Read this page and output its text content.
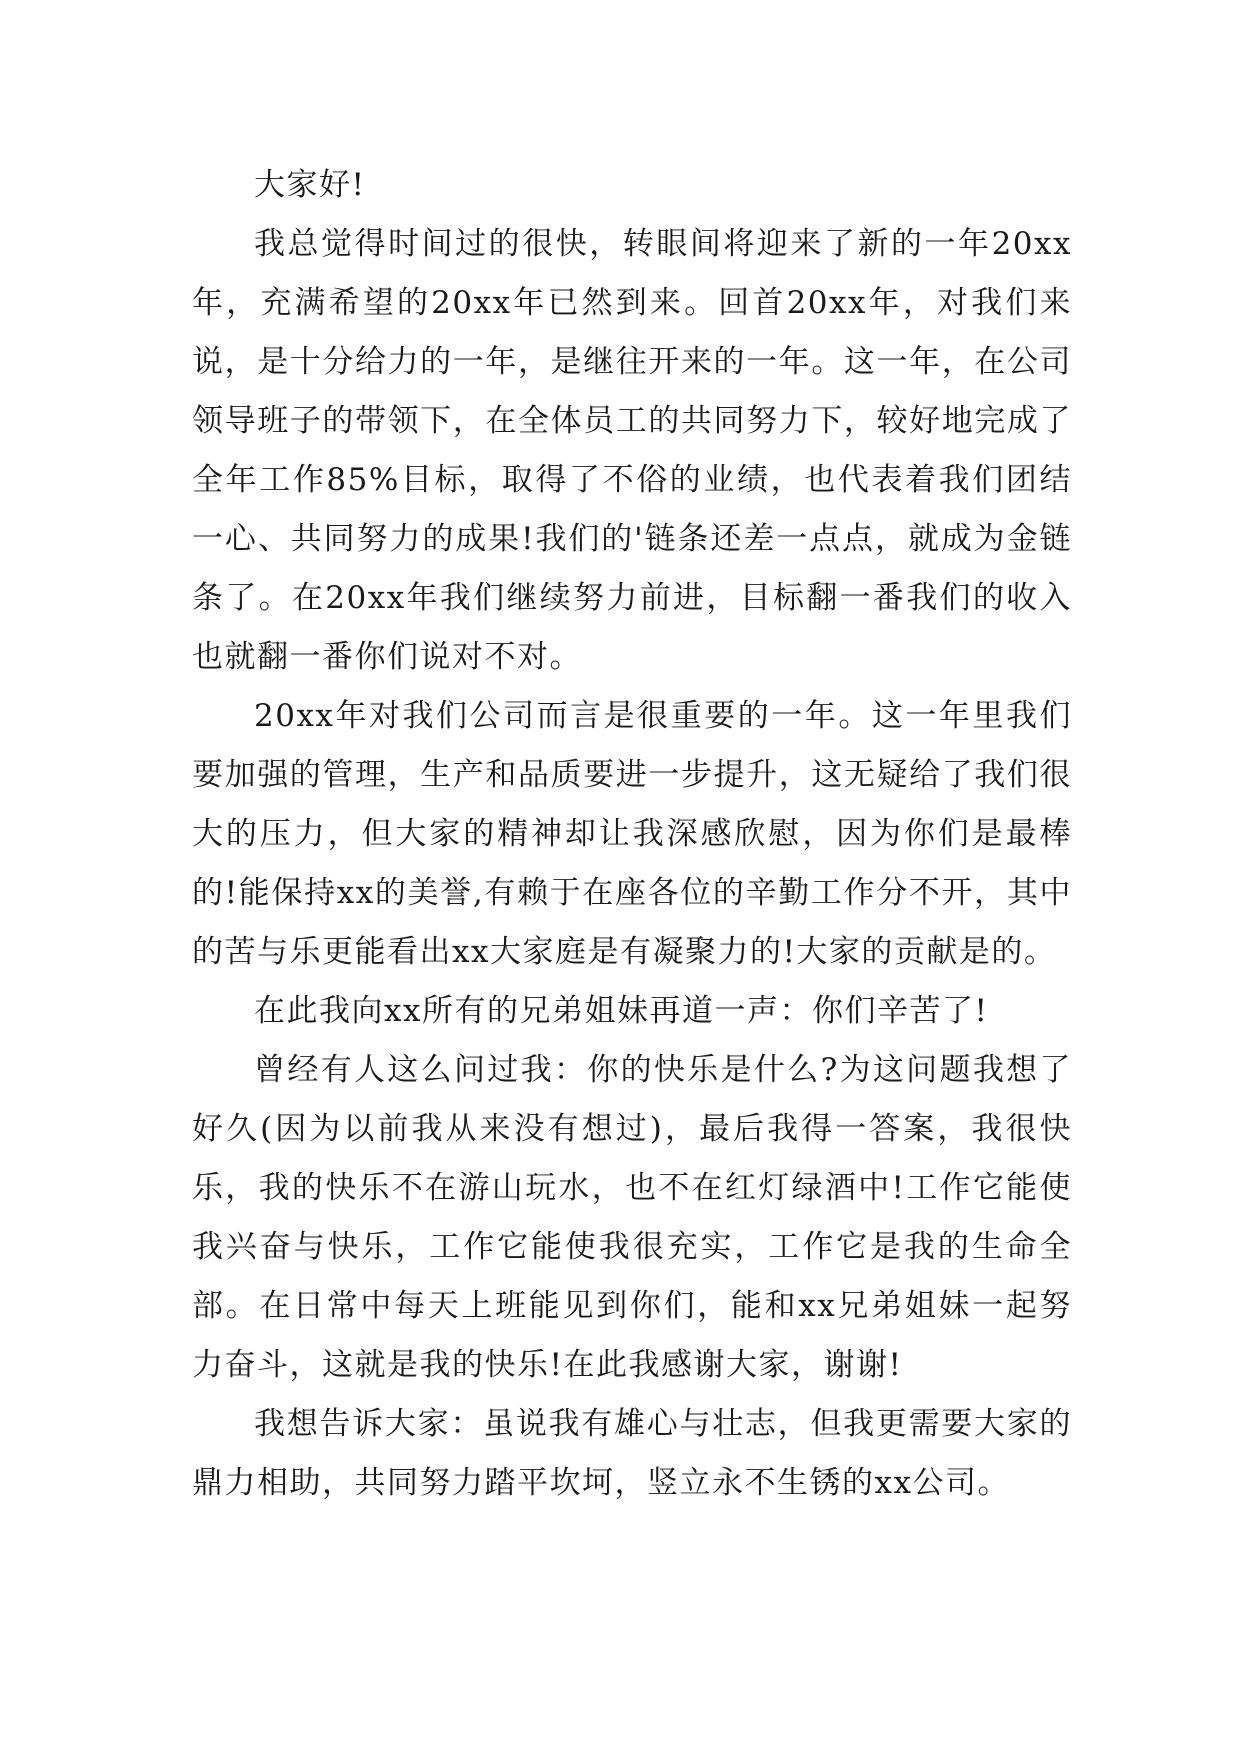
大家好!

我总觉得时间过的很快，转眼间将迎来了新的一年20xx年，充满希望的20xx年已然到来。回首20xx年，对我们来说，是十分给力的一年，是继往开来的一年。这一年，在公司领导班子的带领下，在全体员工的共同努力下，较好地完成了全年工作85%目标，取得了不俗的业绩，也代表着我们团结一心、共同努力的成果!我们的'链条还差一点点，就成为金链条了。在20xx年我们继续努力前进，目标翻一番我们的收入也就翻一番你们说对不对。

20xx年对我们公司而言是很重要的一年。这一年里我们要加强的管理，生产和品质要进一步提升，这无疑给了我们很大的压力，但大家的精神却让我深感欣慰，因为你们是最棒的!能保持xx的美誉,有赖于在座各位的辛勤工作分不开，其中的苦与乐更能看出xx大家庭是有凝聚力的!大家的贡献是的。

在此我向xx所有的兄弟姐妹再道一声：你们辛苦了!

曾经有人这么问过我：你的快乐是什么?为这问题我想了好久(因为以前我从来没有想过)，最后我得一答案，我很快乐，我的快乐不在游山玩水，也不在红灯绿酒中!工作它能使我兴奋与快乐，工作它能使我很充实，工作它是我的生命全部。在日常中每天上班能见到你们，能和xx兄弟姐妹一起努力奋斗，这就是我的快乐!在此我感谢大家，谢谢!

我想告诉大家：虽说我有雄心与壮志，但我更需要大家的鼎力相助，共同努力踏平坎坷，竖立永不生锈的xx公司。
